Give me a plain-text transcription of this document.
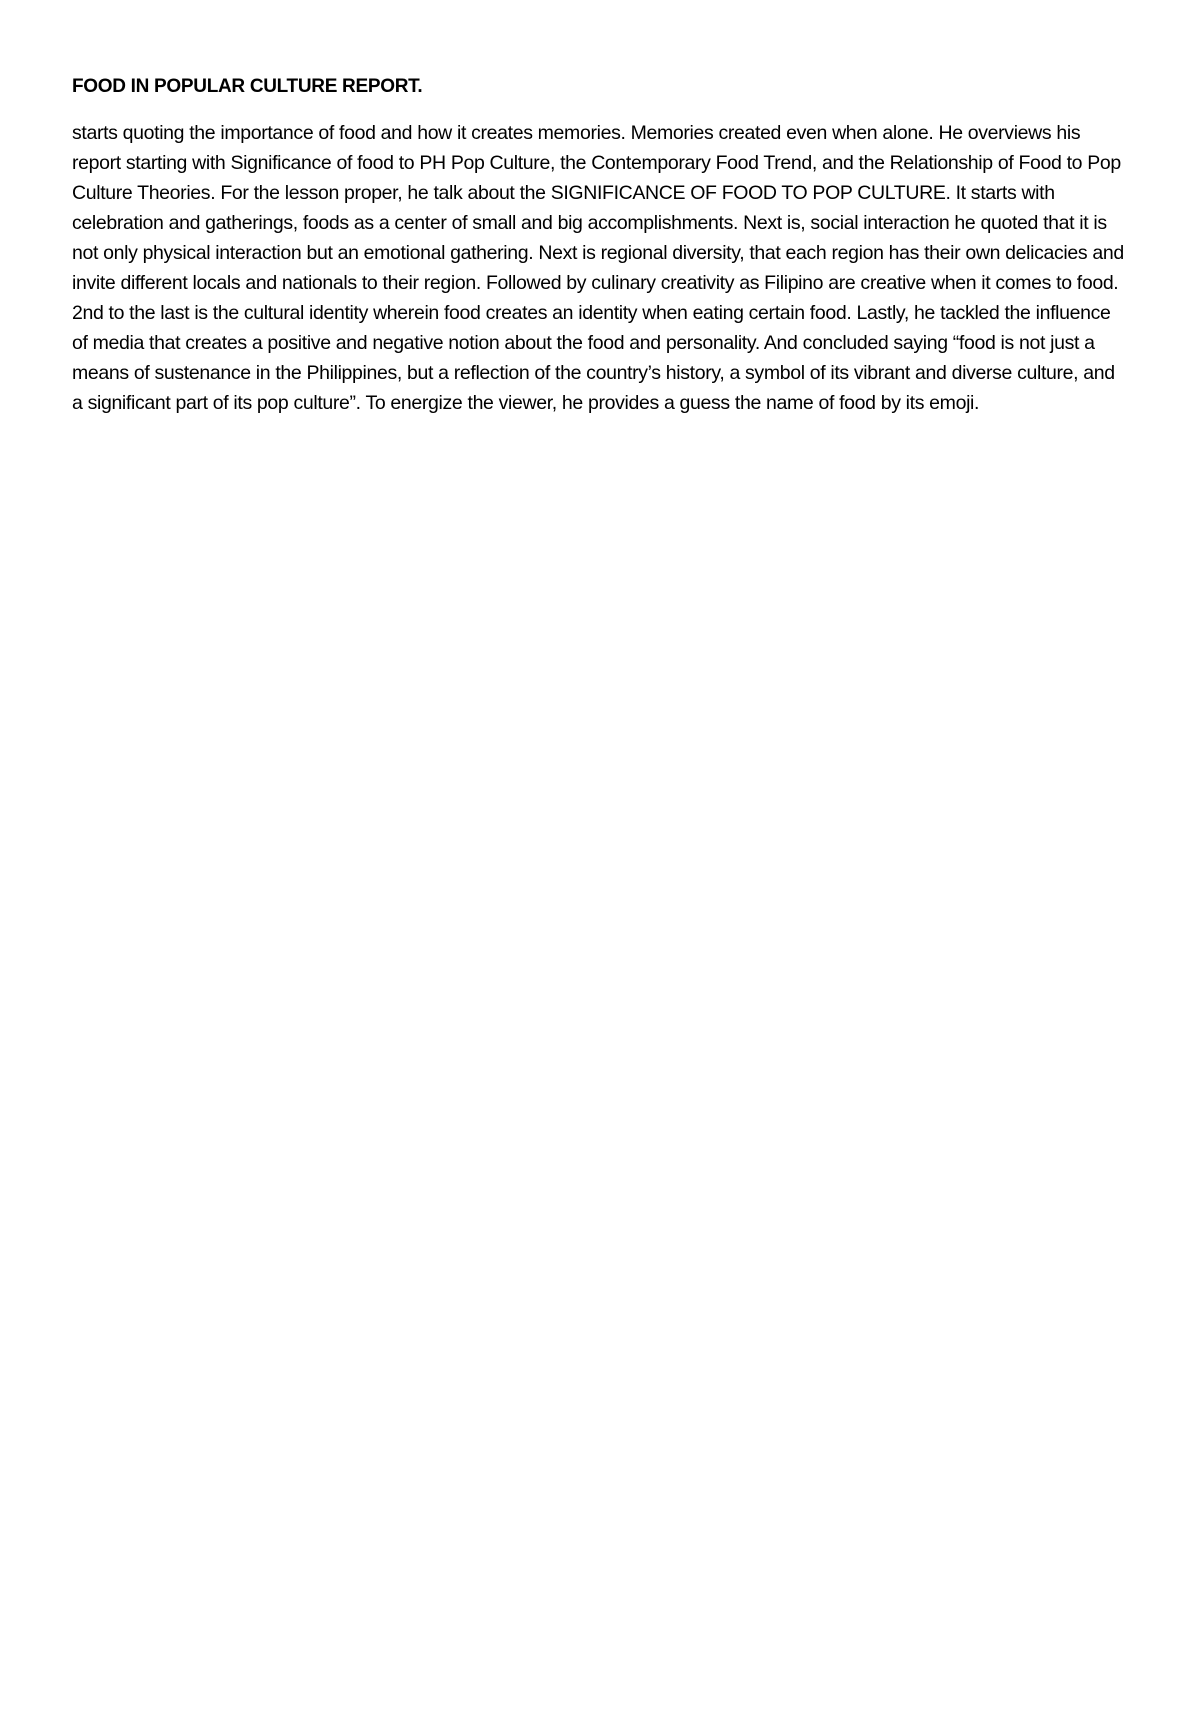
FOOD IN POPULAR CULTURE REPORT.

starts quoting the importance of food and how it creates memories. Memories created even when alone. He overviews his report starting with Significance of food to PH Pop Culture, the Contemporary Food Trend, and the Relationship of Food to Pop Culture Theories. For the lesson proper, he talk about the SIGNIFICANCE OF FOOD TO POP CULTURE. It starts with celebration and gatherings, foods as a center of small and big accomplishments. Next is, social interaction he quoted that it is not only physical interaction but an emotional gathering. Next is regional diversity, that each region has their own delicacies and invite different locals and nationals to their region. Followed by culinary creativity as Filipino are creative when it comes to food. 2nd to the last is the cultural identity wherein food creates an identity when eating certain food. Lastly, he tackled the influence of media that creates a positive and negative notion about the food and personality. And concluded saying “food is not just a means of sustenance in the Philippines, but a reflection of the country’s history, a symbol of its vibrant and diverse culture, and a significant part of its pop culture”. To energize the viewer, he provides a guess the name of food by its emoji.
